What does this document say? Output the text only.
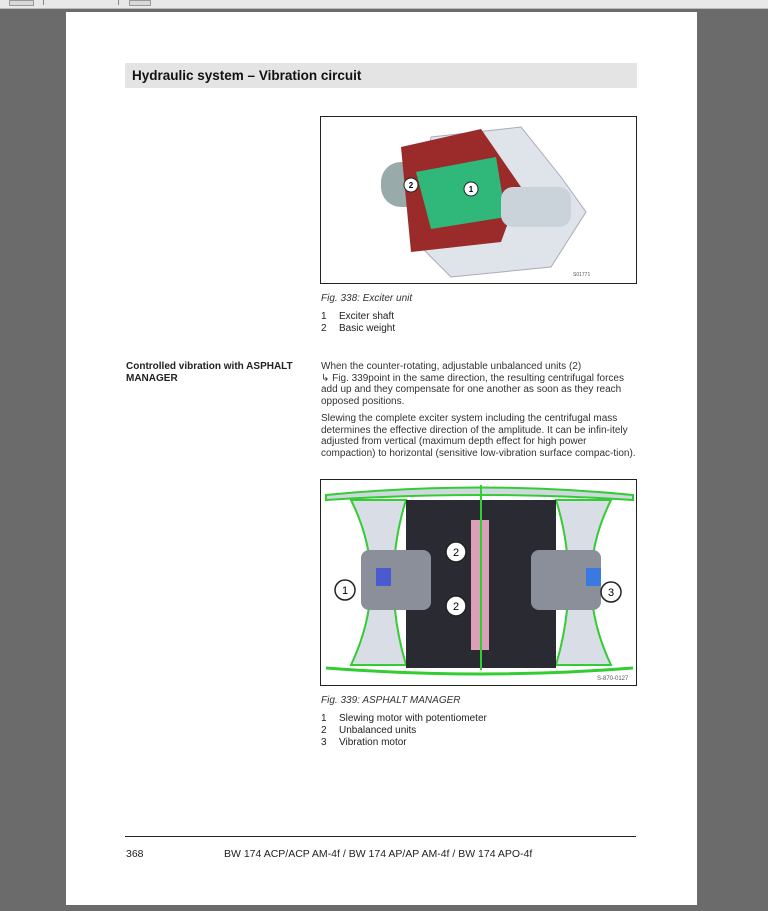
Hydraulic system – Vibration circuit
2	1
S01771
Fig. 338: Exciter unit
1 Exciter shaft
2 Basic weight
Controlled vibration with ASPHALT MANAGER
When the counter-rotating, adjustable unbalanced units (2)
↳ Fig. 339point in the same direction, the resulting centrifugal forces add up and they compensate for one another as soon as they reach opposed positions.
Slewing the complete exciter system including the centrifugal mass determines the effective direction of the amplitude. It can be infin-itely adjusted from vertical (maximum depth effect for high power compaction) to horizontal (sensitive low-vibration surface compac-tion).
1
2
2
3
S-870-0127
Fig. 339: ASPHALT MANAGER
1 Slewing motor with potentiometer
2 Unbalanced units
3 Vibration motor
368	BW 174 ACP/ACP AM-4f / BW 174 AP/AP AM-4f / BW 174 APO-4f
